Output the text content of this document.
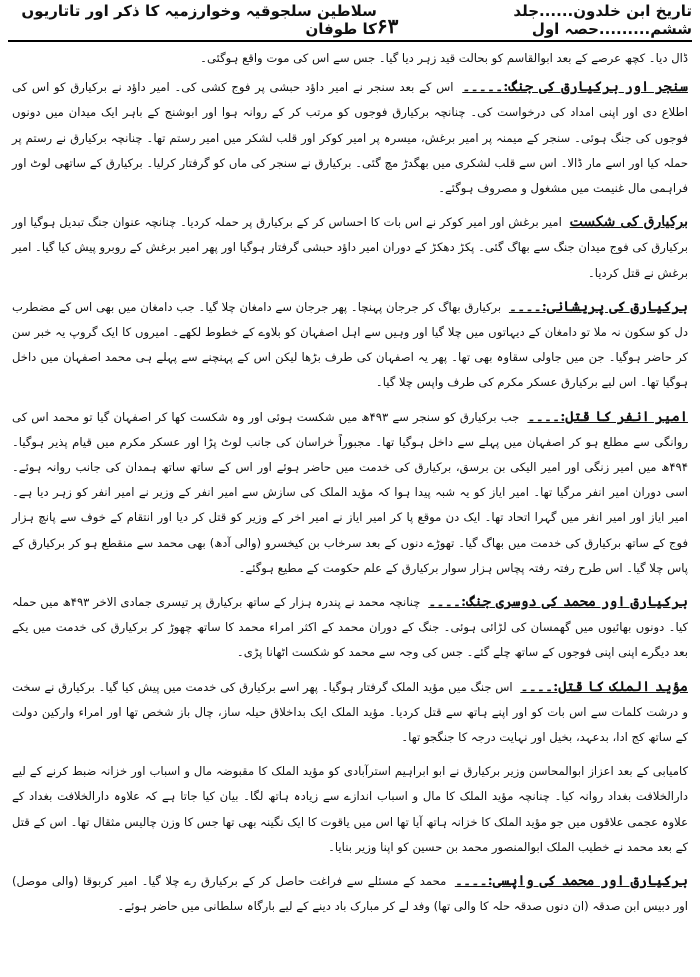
تاریخ ابن خلدون......جلد ششم.........حصہ اول
۶۳
سلاطین سلجوقیہ وخوارزمیہ کا ذکر اور تاتاریوں کا طوفان

ڈال دیا۔ کچھ عرصے کے بعد ابوالقاسم کو بحالت قید زہر دیا گیا۔ جس سے اس کی موت واقع ہوگئی۔

سنجر اور برکیارق کی جنگ:۔۔۔۔۔ اس کے بعد سنجر نے امیر داؤد حبشی پر فوج کشی کی۔ امیر داؤد نے برکیارق کو اس کی اطلاع دی اور اپنی امداد کی درخواست کی۔ چنانچہ برکیارق فوجوں کو مرتب کر کے روانہ ہوا اور ابوشنج کے باہر ایک میدان میں دونوں فوجوں کی جنگ ہوئی۔ سنجر کے میمنہ پر امیر برغش، میسرہ پر امیر کوکر اور قلب لشکر میں امیر رستم تھا۔ چنانچہ برکیارق نے رستم پر حملہ کیا اور اسے مار ڈالا۔ اس سے قلب لشکری میں بھگدڑ مچ گئی۔ برکیارق نے سنجر کی ماں کو گرفتار کرلیا۔ برکیارق کے ساتھی لوٹ اور فراہمی مال غنیمت میں مشغول و مصروف ہوگئے۔

برکیارق کی شکست امیر برغش اور امیر کوکر نے اس بات کا احساس کر کے برکیارق پر حملہ کردیا۔ چنانچہ عنوان جنگ تبدیل ہوگیا اور برکیارق کی فوج میدان جنگ سے بھاگ گئی۔ پکڑ دھکڑ کے دوران امیر داؤد حبشی گرفتار ہوگیا اور پھر امیر برغش کے روبرو پیش کیا گیا۔ امیر برغش نے قتل کردیا۔

برکیارق کی پریشانی:۔۔۔۔ برکیارق بھاگ کر جرجان پہنچا۔ پھر جرجان سے دامغان چلا گیا۔ جب دامغان میں بھی اس کے مضطرب دل کو سکون نہ ملا تو دامغان کے دیہاتوں میں چلا گیا اور وہیں سے اہل اصفہان کو بلاوے کے خطوط لکھے۔ امیروں کا ایک گروپ یہ خبر سن کر حاضر ہوگیا۔ جن میں جاولی سقاوہ بھی تھا۔ پھر یہ اصفہان کی طرف بڑھا لیکن اس کے پہنچنے سے پہلے ہی محمد اصفہان میں داخل ہوگیا تھا۔ اس لیے برکیارق عسکر مکرم کی طرف واپس چلا گیا۔

امیر انفر کا قتل:۔۔۔۔ جب برکیارق کو سنجر سے ۴۹۳ھ میں شکست ہوئی اور وہ شکست کھا کر اصفہان گیا تو محمد اس کی روانگی سے مطلع ہو کر اصفہان میں پہلے سے داخل ہوگیا تھا۔ مجبوراً خراسان کی جانب لوٹ پڑا اور عسکر مکرم میں قیام پذیر ہوگیا۔ ۴۹۴ھ میں امیر زنگی اور امیر الیکی بن برسق، برکیارق کی خدمت میں حاضر ہوئے اور اس کے ساتھ ساتھ ہمدان کی جانب روانہ ہوئے۔ اسی دوران امیر انفر مرگیا تھا۔ امیر ایاز کو یہ شبہ پیدا ہوا کہ مؤید الملک کی سازش سے امیر انفر کے وزیر نے امیر انفر کو زہر دیا ہے۔ امیر ایاز اور امیر انفر میں گہرا اتحاد تھا۔ ایک دن موقع پا کر امیر ایاز نے امیر اخر کے وزیر کو قتل کر دیا اور انتقام کے خوف سے پانچ ہزار فوج کے ساتھ برکیارق کی خدمت میں بھاگ گیا۔ تھوڑے دنوں کے بعد سرخاب بن کیخسرو (والی آدھ) بھی محمد سے منقطع ہو کر برکیارق کے پاس چلا گیا۔ اس طرح رفتہ رفتہ پچاس ہزار سوار برکیارق کے علم حکومت کے مطیع ہوگئے۔

برکیارق اور محمد کی دوسری جنگ:۔۔۔۔ چنانچہ محمد نے پندرہ ہزار کے ساتھ برکیارق پر تیسری جمادی الاخر ۴۹۳ھ میں حملہ کیا۔ دونوں بھائیوں میں گھمسان کی لڑائی ہوئی۔ جنگ کے دوران محمد کے اکثر امراء محمد کا ساتھ چھوڑ کر برکیارق کی خدمت میں یکے بعد دیگرے اپنی اپنی فوجوں کے ساتھ چلے گئے۔ جس کی وجہ سے محمد کو شکست اٹھانا پڑی۔

مؤید الملک کا قتل:۔۔۔۔ اس جنگ میں مؤید الملک گرفتار ہوگیا۔ پھر اسے برکیارق کی خدمت میں پیش کیا گیا۔ برکیارق نے سخت و درشت کلمات سے اس بات کو اور اپنے ہاتھ سے قتل کردیا۔ مؤید الملک ایک بداخلاق حیلہ ساز، چال باز شخص تھا اور امراء وارکین دولت کے ساتھ کج ادا، بدعہد، بخیل اور نہایت درجہ کا جنگجو تھا۔

کامیابی کے بعد اعزاز ابوالمحاسن وزیر برکیارق نے ابو ابراہیم استرآبادی کو مؤید الملک کا مقبوضہ مال و اسباب اور خزانہ ضبط کرنے کے لیے دارالخلافت بغداد روانہ کیا۔ چنانچہ مؤید الملک کا مال و اسباب اندازے سے زیادہ ہاتھ لگا۔ بیان کیا جاتا ہے کہ علاوہ دارالخلافت بغداد کے علاوہ عجمی علاقوں میں جو مؤید الملک کا خزانہ ہاتھ آیا تھا اس میں یاقوت کا ایک نگینہ بھی تھا جس کا وزن چالیس مثقال تھا۔ اس کے قتل کے بعد محمد نے خطیب الملک ابوالمنصور محمد بن حسین کو اپنا وزیر بنایا۔

برکیارق اور محمد کی واپسی:۔۔۔۔ محمد کے مسئلے سے فراغت حاصل کر کے برکیارق رے چلا گیا۔ امیر کربوقا (والی موصل) اور دبیس ابن صدقہ (ان دنوں صدقہ حلہ کا والی تھا) وفد لے کر مبارک باد دینے کے لیے بارگاہ سلطانی میں حاضر ہوئے۔
